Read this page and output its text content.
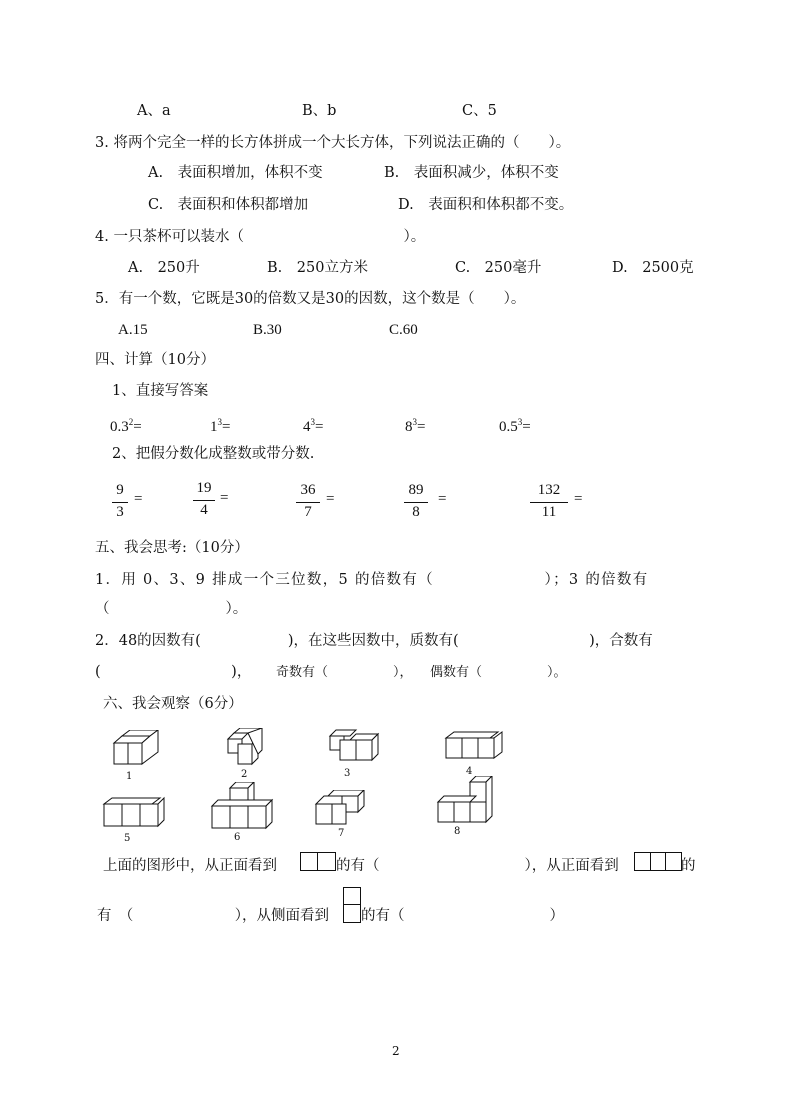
A、a	B、b	C、5
3. 将两个完全一样的长方体拼成一个大长方体，下列说法正确的（　　）。
A.　表面积增加，体积不变	B.　表面积减少，体积不变
C.　表面积和体积都增加	D.　表面积和体积都不变。
4. 一只茶杯可以装水（　　　　　　　　　　　）。
A.　250升	B.　250立方米	C.　250毫升	D.　2500克
5．有一个数，它既是30的倍数又是30的因数，这个数是（　　）。
A.15	B.30	C.60
四、计算（10分）
1、直接写答案
$0.3^2=$	$1^3=$	$4^3=$	$8^3=$	$0.5^3=$
2、把假分数化成整数或带分数.
9
3
=
19
4
=	36
7
=
89
8
=
132
11
=
五、我会思考:（10分）
1．用 0、3、9 排成一个三位数，5 的倍数有（　　　　　　　）；3 的倍数有
（　　　　　　　　）。
2．48的因数有(　　　　　　)，在这些因数中，质数有(　　　　　　　　　)，合数有
(　　　　　　　　　)， 奇数有（　　　　　）， 偶数有（　　　　　）。
六、我会观察（6分）
1	2	3	4
5	6	7	8
上面的图形中，从正面看到	的有（　　　　　　　　　　），从正面看到	的
有　（　　　　　　　），从侧面看到 的有（　　　　　　　　　　）
2
